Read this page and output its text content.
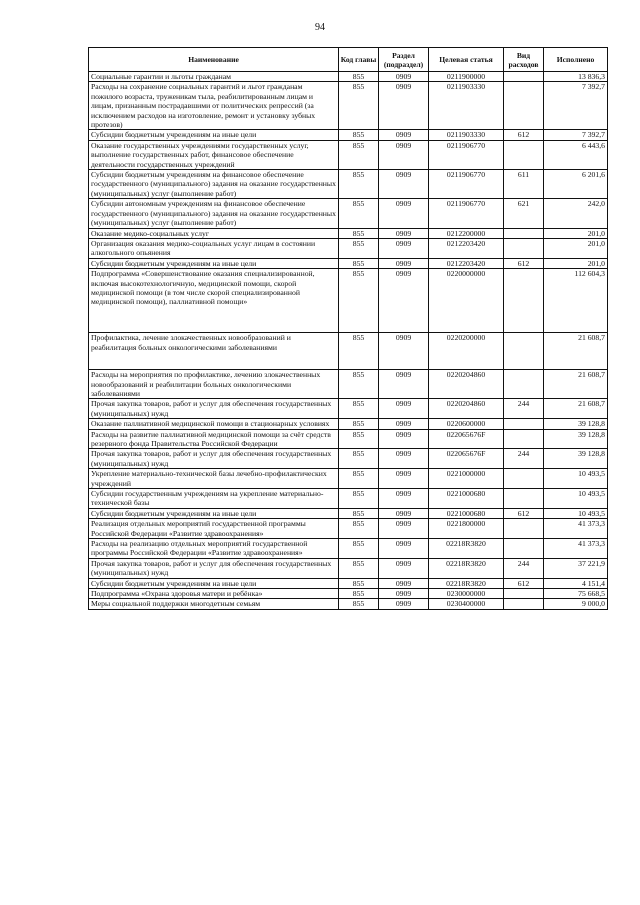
94
Наименование	Код главы	Раздел (подраздел)	Целевая статья	Вид расходов	Исполнено
Социальные гарантии и льготы гражданам	855	0909	0211900000		13 836,3
Расходы на сохранение социальных гарантий и льгот гражданам пожилого возраста, труженикам тыла, реабилитированным лицам и лицам, признанным пострадавшими от политических репрессий (за исключением расходов на изготовление, ремонт и установку зубных протезов)	855	0909	0211903330		7 392,7
Субсидии бюджетным учреждениям на иные цели	855	0909	0211903330	612	7 392,7
Оказание государственных учреждениями государственных услуг, выполнение государственных работ, финансовое обеспечение деятельности государственных учреждений	855	0909	0211906770		6 443,6
Субсидии бюджетным учреждениям на финансовое обеспечение государственного (муниципального) задания на оказание государственных (муниципальных) услуг (выполнение работ)	855	0909	0211906770	611	6 201,6
Субсидии автономным учреждениям на финансовое обеспечение государственного (муниципального) задания на оказание государственных (муниципальных) услуг (выполнение работ)	855	0909	0211906770	621	242,0
Оказание медико-социальных услуг	855	0909	0212200000		201,0
Организация оказания медико-социальных услуг лицам в состоянии алкогольного опьянения	855	0909	0212203420		201,0
Субсидии бюджетным учреждениям на иные цели	855	0909	0212203420	612	201,0
Подпрограмма «Совершенствование оказания специализированной, включая высокотехнологичную, медицинской помощи, скорой медицинской помощи (в том числе скорой специализированной медицинской помощи), паллиативной помощи»	855	0909	0220000000		112 604,3
Профилактика, лечение злокачественных новообразований и реабилитация больных онкологическими заболеваниями	855	0909	0220200000		21 608,7
Расходы на мероприятия по профилактике, лечению злокачественных новообразований и реабилитации больных онкологическими заболеваниями	855	0909	0220204860		21 608,7
Прочая закупка товаров, работ и услуг для обеспечения государственных (муниципальных) нужд	855	0909	0220204860	244	21 608,7
Оказание паллиативной медицинской помощи в стационарных условиях	855	0909	0220600000		39 128,8
Расходы на развитие паллиативной медицинской помощи за счёт средств резервного фонда Правительства Российской Федерации	855	0909	022065676F		39 128,8
Прочая закупка товаров, работ и услуг для обеспечения государственных (муниципальных) нужд	855	0909	022065676F	244	39 128,8
Укрепление материально-технической базы лечебно-профилактических учреждений	855	0909	0221000000		10 493,5
Субсидии государственным учреждениям на укрепление материально-технической базы	855	0909	0221000680		10 493,5
Субсидии бюджетным учреждениям на иные цели	855	0909	0221000680	612	10 493,5
Реализация отдельных мероприятий государственной программы Российской Федерации «Развитие здравоохранения»	855	0909	0221800000		41 373,3
Расходы на реализацию отдельных мероприятий государственной программы Российской Федерации «Развитие здравоохранения»	855	0909	02218R3820		41 373,3
Прочая закупка товаров, работ и услуг для обеспечения государственных (муниципальных) нужд	855	0909	02218R3820	244	37 221,9
Субсидии бюджетным учреждениям на иные цели	855	0909	02218R3820	612	4 151,4
Подпрограмма «Охрана здоровья матери и ребёнка»	855	0909	0230000000		75 668,5
Меры социальной поддержки многодетным семьям	855	0909	0230400000		9 000,0
